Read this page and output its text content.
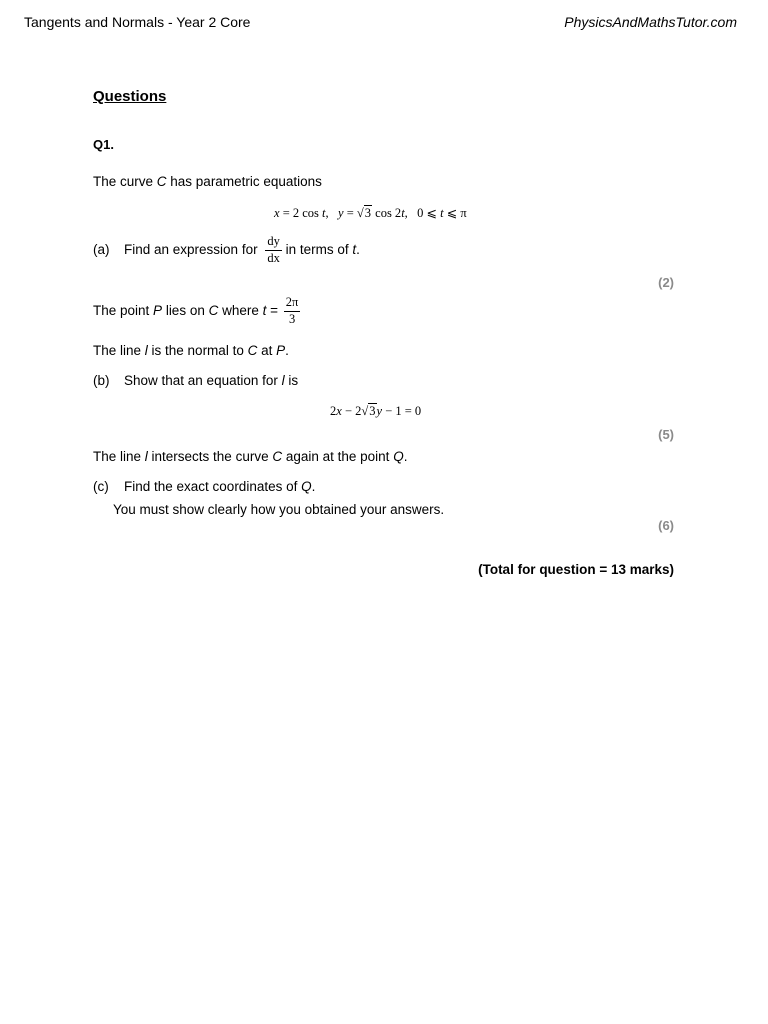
Tangents and Normals - Year 2 Core	PhysicsAndMathsTutor.com
Questions
Q1.
The curve C has parametric equations
x = 2 cos t,   y = √3 cos 2t,   0 ⩽ t ⩽ π
(a) Find an expression for $\frac{dy}{dx}$ in terms of t.
(2)
The point P lies on C where $t = \frac{2\pi}{3}$
The line l is the normal to C at P.
(b) Show that an equation for l is
2x − 2√3y − 1 = 0
(5)
The line l intersects the curve C again at the point Q.
(c) Find the exact coordinates of Q.
You must show clearly how you obtained your answers.
(6)
(Total for question = 13 marks)
